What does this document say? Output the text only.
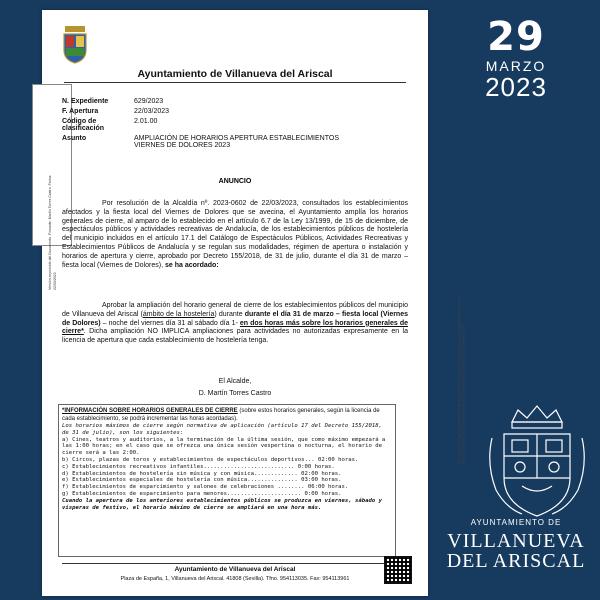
Ayuntamiento de Villanueva del Ariscal
Versión imprimible del Documento. Firmante: Martín Torres Castro. Fecha: 22/03/2023
N. Expediente	629/2023
F. Apertura	22/03/2023
Código de clasificación
2.01.00
Asunto	AMPLIACIÓN DE HORARIOS APERTURA ESTABLECIMIENTOS VIERNES DE DOLORES 2023
ANUNCIO
Por resolución de la Alcaldía nº. 2023-0602 de 22/03/2023, consultados los establecimientos afectados y la fiesta local del Viernes de Dolores que se avecina, el Ayuntamiento amplía los horarios generales de cierre, al amparo de lo establecido en el artículo 6.7 de la Ley 13/1999, de 15 de diciembre, de espectáculos públicos y actividades recreativas de Andalucía, de los establecimientos públicos de hostelería del municipio incluidos en el artículo 17.1 del Catálogo de Espectáculos Públicos, Actividades Recreativas y Establecimientos Públicos de Andalucía y se regulan sus modalidades, régimen de apertura o instalación y horarios de apertura y cierre, aprobado por Decreto 155/2018, de 31 de julio, durante el día 31 de marzo – fiesta local (Viernes de Dolores), se ha acordado:
Aprobar la ampliación del horario general de cierre de los establecimientos públicos del municipio de Villanueva del Ariscal (ámbito de la hostelería) durante durante el día 31 de marzo – fiesta local (Viernes de Dolores) – noche del viernes día 31 al sábado día 1- en dos horas más sobre los horarios generales de cierre*. Dicha ampliación NO IMPLICA ampliaciones para actividades no autorizadas expresamente en la licencia de apertura que cada establecimiento de hostelería tenga.
El Alcalde,
D. Martín Torres Castro	Cód. Validación: AN6TD5CT9FCMXTXM3A4XJY6UF | Verificación: https://villanuevadelariscal.sedelectronica.es/ Documento firmado electrónicamente desde la plataforma esPublico Gestiona | Página 1 de 1
*INFORMACIÓN SOBRE HORARIOS GENERALES DE CIERRE (sobre estos horarios generales, según la licencia de cada establecimiento, se podrá incrementar las horas acordadas).

Los horarios máximos de cierre según normativa de aplicación (artículo 17 del Decreto 155/2018, de 31 de julio), son los siguientes:

a) Cines, teatros y auditorios, a la terminación de la última sesión, que como máximo empezará a las 1:00 horas; en el caso que se ofrezca una única sesión vespertina o nocturna, el horario de cierre será a las 2:00.

b) Circos, plazas de toros y establecimientos de espectáculos deportivos... 02:00 horas.

c) Establecimientos recreativos infantiles........................... 0:00 horas.

d) Establecimientos de hostelería sin música y con música............. 02:00 horas.

e) Establecimientos especiales de hostelería con música............... 03:00 horas.

f) Establecimientos de esparcimiento y salones de celebraciones ........ 06:00 horas.

g) Establecimientos de esparcimiento para menores...................... 0:00 horas.

Cuando la apertura de los anteriores establecimientos públicos se produzca en viernes, sábado y vísperas de festivo, el horario máximo de cierre se ampliará en una hora más.

Ayuntamiento de Villanueva del Ariscal
Plaza de España, 1, Villanueva del Ariscal. 41808 (Sevilla). Tfno. 954113035. Fax: 954113961
29
MARZO
2023
AYUNTAMIENTO DE
VILLANUEVA
DEL ARISCAL
